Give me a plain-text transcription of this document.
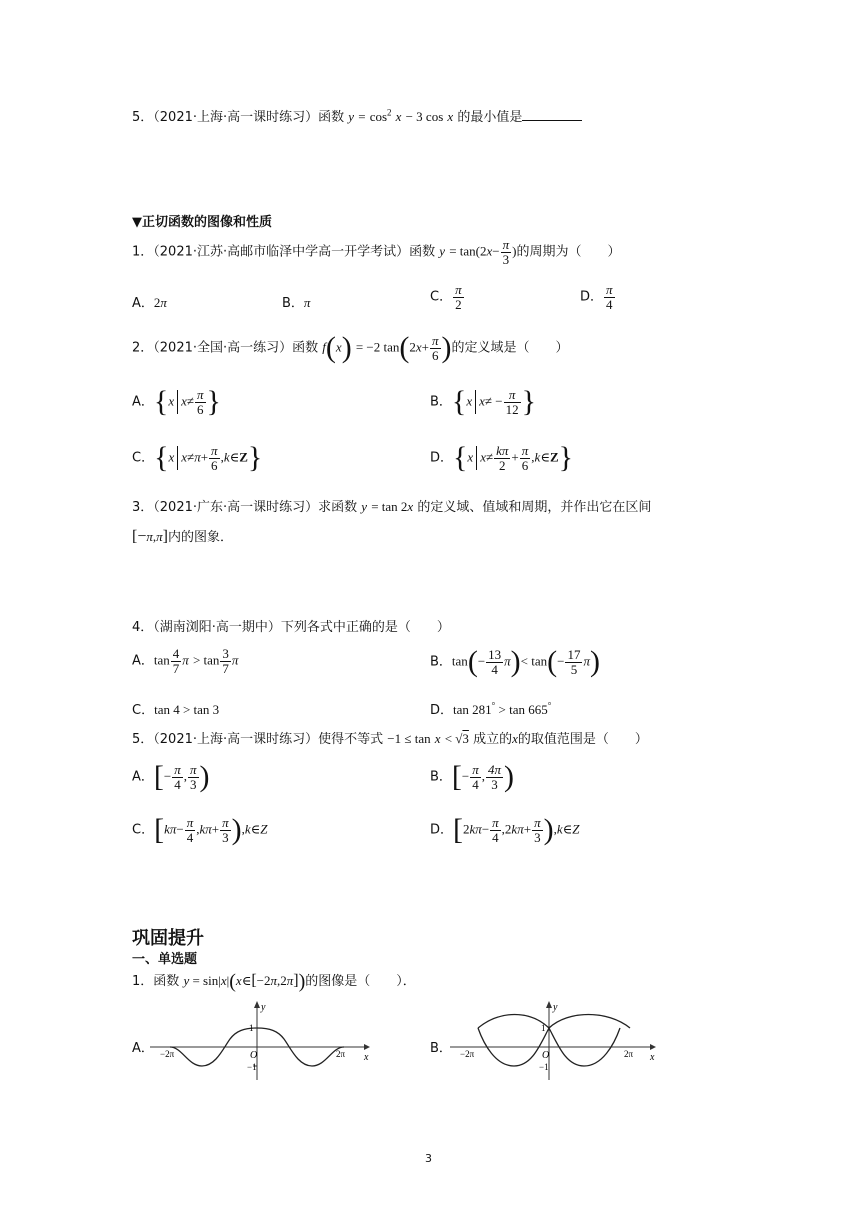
5．（2021·上海·高一课时练习）函数 $y = \cos^2 x - 3$ cos x 的最小值是
▼正切函数的图像和性质
1．（2021·江苏·高邮市临泽中学高一开学考试）函数 $y = \tan(2x- \frac{\pi}{3}$ )的周期为（　　）
A．2π	B．π	C． $\frac{\pi}{2}$	D． $\frac{\pi}{4}$
2．（2021·全国·高一练习）函数 f(x) = −2 $\tan(2x+ \frac{\pi}{6}$ )的定义域是（　　）
A．{x $x\ne \frac{\pi}{6}$ }	B．{x $x\ne - \frac{\pi}{12}$ }
C．{x $x\ne\pi+ \frac{\pi}{6}$ ,k∈Z}	D．{x $x\ne \frac{k\pi}{2} + \frac{\pi}{6}$ ,k∈Z}
3．（2021·广东·高一课时练习）求函数 y = tan 2x 的定义域、值域和周期，并作出它在区间
[−π,π]内的图象．
4．（湖南浏阳·高一期中）下列各式中正确的是（　　）
A．$\tan \frac{4}{7}$ $\pi > \tan \frac{3}{7}$ π	B．$\tan(- \frac{13}{4} \pi)< \tan(- \frac{17}{5} \pi)$
C．tan 4 > tan 3	D．tan 281° > tan 665°
5．（2021·上海·高一课时练习）使得不等式 −1 ≤ tan x < √3 成立的x的取值范围是（　　）
A．[− $\frac{\pi}{4}$ , $\frac{\pi}{3}$ )	B．[− $\frac{\pi}{4}$ , $\frac{4\pi}{3}$ )
C．[$k\pi- \frac{\pi}{4} ,k\pi+ \frac{\pi}{3}$ ),k∈Z	D．[$2k\pi- \frac{\pi}{4} ,2k\pi+ \frac{\pi}{3}$ ),k∈Z
巩固提升
一、单选题
1．函数 y = sin|x|(x∈[−2π,2π])的图像是（　　）．
A．	B．
y
x
1
−1
O
−2π	2π
y
x
1
−1
O
−2π	2π
3
